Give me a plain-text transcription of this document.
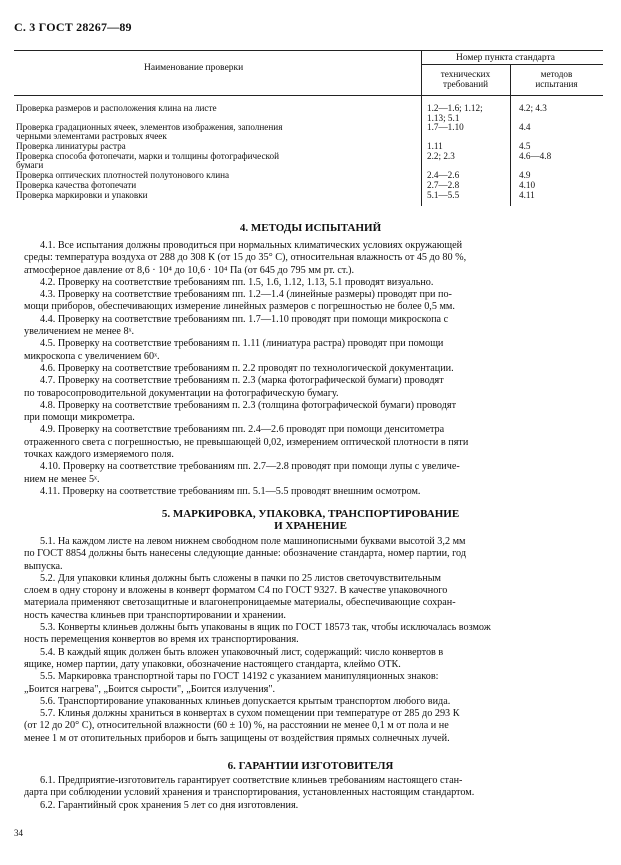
С. 3 ГОСТ 28267—89
Наименование проверки
Номер пункта стандарта
технических
требований
методов
испытания
Проверка размеров и расположения клина на листе	1.2—1.6; 1.12;	4.2; 4.3
1.13; 5.1
Проверка градационных ячеек, элементов изображения, заполнения	1.7—1.10	4.4
черными элементами растровых ячеек
Проверка линиатуры растра	1.11	4.5
Проверка способа фотопечати, марки и толщины фотографической	2.2; 2.3	4.6—4.8
бумаги
Проверка оптических плотностей полутонового клина	2.4—2.6	4.9
Проверка качества фотопечати	2.7—2.8	4.10
Проверка маркировки и упаковки	5.1—5.5	4.11
4. МЕТОДЫ ИСПЫТАНИЙ
4.1. Все испытания должны проводиться при нормальных климатических условиях окружающей
среды: температура воздуха от 288 до 308 К (от 15 до 35° С), относительная влажность от 45 до 80 %,
атмосферное давление от 8,6 · 10⁴ до 10,6 · 10⁴ Па (от 645 до 795 мм рт. ст.).
4.2. Проверку на соответствие требованиям пп. 1.5, 1.6, 1.12, 1.13, 5.1 проводят визуально.
4.3. Проверку на соответствие требованиям пп. 1.2—1.4 (линейные размеры) проводят при по-
мощи приборов, обеспечивающих измерение линейных размеров с погрешностью не более 0,5 мм.
4.4. Проверку на соответствие требованиям пп. 1.7—1.10 проводят при помощи микроскопа с
увеличением не менее 8ˣ.
4.5. Проверку на соответствие требованиям п. 1.11 (линиатура растра) проводят при помощи
микроскопа с увеличением 60ˣ.
4.6. Проверку на соответствие требованиям п. 2.2 проводят по технологической документации.
4.7. Проверку на соответствие требованиям п. 2.3 (марка фотографической бумаги) проводят
по товаросопроводительной документации на фотографическую бумагу.
4.8. Проверку на соответствие требованиям п. 2.3 (толщина фотографической бумаги) проводят
при помощи микрометра.
4.9. Проверку на соответствие требованиям пп. 2.4—2.6 проводят при помощи денситометра
отраженного света с погрешностью, не превышающей 0,02, измерением оптической плотности в пяти
точках каждого измеряемого поля.
4.10. Проверку на соответствие требованиям пп. 2.7—2.8 проводят при помощи лупы с увеличе-
нием не менее 5ˣ.
4.11. Проверку на соответствие требованиям пп. 5.1—5.5 проводят внешним осмотром.
5. МАРКИРОВКА, УПАКОВКА, ТРАНСПОРТИРОВАНИЕ
И ХРАНЕНИЕ
5.1. На каждом листе на левом нижнем свободном поле машинописными буквами высотой 3,2 мм
по ГОСТ 8854 должны быть нанесены следующие данные: обозначение стандарта, номер партии, год
выпуска.
5.2. Для упаковки клинья должны быть сложены в пачки по 25 листов светочувствительным
слоем в одну сторону и вложены в конверт форматом С4 по ГОСТ 9327. В качестве упаковочного
материала применяют светозащитные и влагонепроницаемые материалы, обеспечивающие сохран-
ность качества клиньев при транспортировании и хранении.
5.3. Конверты клиньев должны быть упакованы в ящик по ГОСТ 18573 так, чтобы исключалась возмож
ность перемещения конвертов во время их транспортирования.
5.4. В каждый ящик должен быть вложен упаковочный лист, содержащий: число конвертов в
ящике, номер партии, дату упаковки, обозначение настоящего стандарта, клеймо ОТК.
5.5. Маркировка транспортной тары по ГОСТ 14192 с указанием манипуляционных знаков:
„Боится нагрева", „Боится сырости", „Боится излучения".
5.6. Транспортирование упакованных клиньев допускается крытым транспортом любого вида.
5.7. Клинья должны храниться в конвертах в сухом помещении при температуре от 285 до 293 К
(от 12 до 20° С), относительной влажности (60 ± 10) %, на расстоянии не менее 0,1 м от пола и не
менее 1 м от отопительных приборов и быть защищены от воздействия прямых солнечных лучей.
6. ГАРАНТИИ ИЗГОТОВИТЕЛЯ
6.1. Предприятие-изготовитель гарантирует соответствие клиньев требованиям настоящего стан-
дарта при соблюдении условий хранения и транспортирования, установленных настоящим стандартом.
6.2. Гарантийный срок хранения 5 лет со дня изготовления.
34
